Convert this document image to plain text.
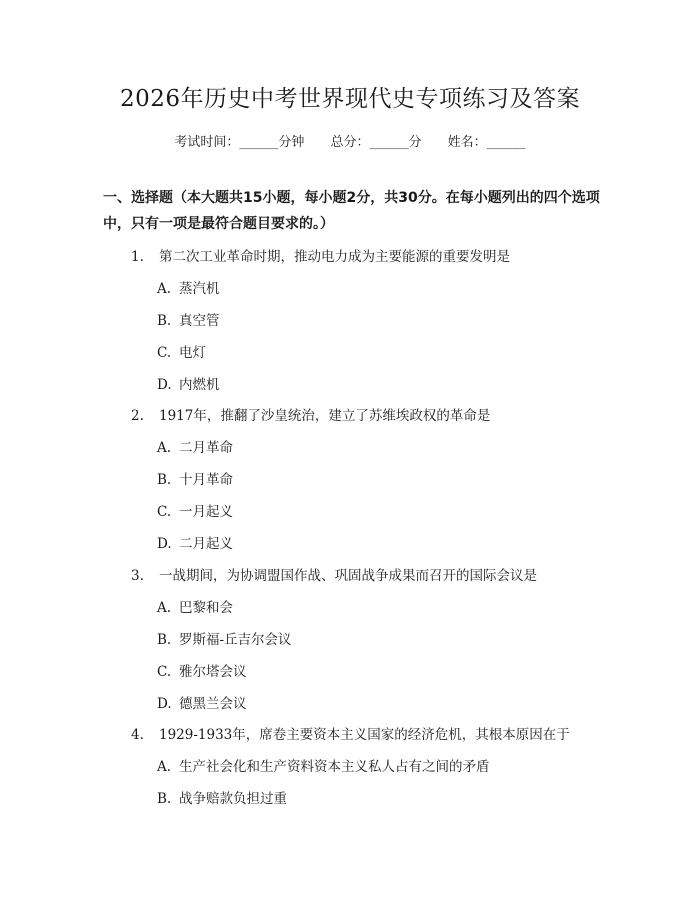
2026年历史中考世界现代史专项练习及答案
考试时间：______分钟 总分：______分 姓名：______
一、选择题（本大题共15小题，每小题2分，共30分。在每小题列出的四个选项中，只有一项是最符合题目要求的。）
1. 第二次工业革命时期，推动电力成为主要能源的重要发明是
A. 蒸汽机
B. 真空管
C. 电灯
D. 内燃机
2. 1917年，推翻了沙皇统治，建立了苏维埃政权的革命是
A. 二月革命
B. 十月革命
C. 一月起义
D. 二月起义
3. 一战期间，为协调盟国作战、巩固战争成果而召开的国际会议是
A. 巴黎和会
B. 罗斯福-丘吉尔会议
C. 雅尔塔会议
D. 德黑兰会议
4. 1929-1933年，席卷主要资本主义国家的经济危机，其根本原因在于
A. 生产社会化和生产资料资本主义私人占有之间的矛盾
B. 战争赔款负担过重
